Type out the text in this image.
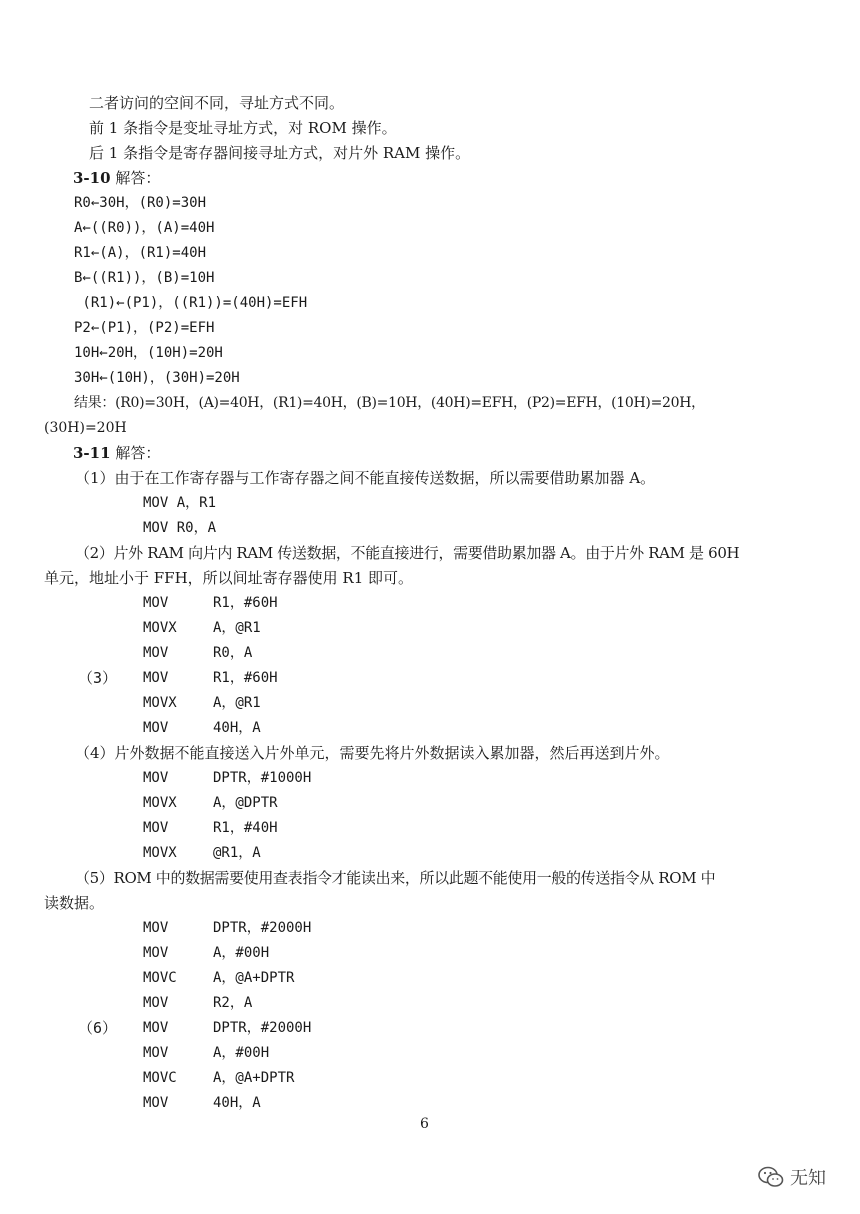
二者访问的空间不同，寻址方式不同。
前 1 条指令是变址寻址方式，对 ROM 操作。
后 1 条指令是寄存器间接寻址方式，对片外 RAM 操作。
3-10 解答：
R0←30H，(R0)=30H
A←((R0))，(A)=40H
R1←(A)，(R1)=40H
B←((R1))，(B)=10H
(R1)←(P1)，((R1))=(40H)=EFH
P2←(P1)，(P2)=EFH
10H←20H，(10H)=20H
30H←(10H)，(30H)=20H
结果：(R0)=30H，(A)=40H，(R1)=40H，(B)=10H，(40H)=EFH，(P2)=EFH，(10H)=20H，
(30H)=20H
3-11 解答：
（1）由于在工作寄存器与工作寄存器之间不能直接传送数据，所以需要借助累加器 A。
MOV A，R1
MOV R0，A
（2）片外 RAM 向片内 RAM 传送数据，不能直接进行，需要借助累加器 A。由于片外 RAM 是 60H
单元，地址小于 FFH，所以间址寄存器使用 R1 即可。
MOV	R1，#60H
MOVX	A，@R1
MOV	R0，A
（3） MOV	R1，#60H
MOVX	A，@R1
MOV	40H，A
（4）片外数据不能直接送入片外单元，需要先将片外数据读入累加器，然后再送到片外。
MOV	DPTR，#1000H
MOVX	A，@DPTR
MOV	R1，#40H
MOVX	@R1，A
（5）ROM 中的数据需要使用查表指令才能读出来，所以此题不能使用一般的传送指令从 ROM 中
读数据。
MOV	DPTR，#2000H
MOV	A，#00H
MOVC	A，@A+DPTR
MOV	R2，A
（6） MOV	DPTR，#2000H
MOV	A，#00H
MOVC	A，@A+DPTR
MOV	40H，A
6
无知
